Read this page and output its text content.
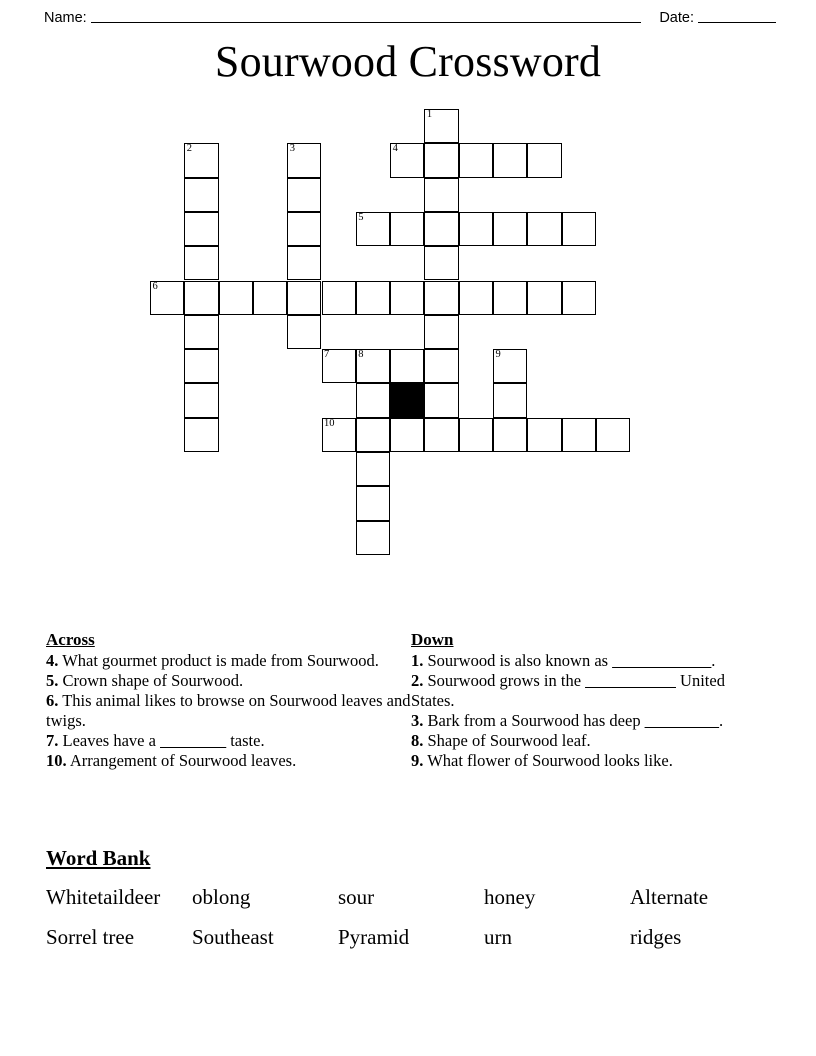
Name:	Date:
Sourwood Crossword
1
2	3	4
5
6
7	8	9
10
Across

4. What gourmet product is made from Sourwood.

5. Crown shape of Sourwood.

6. This animal likes to browse on Sourwood leaves and twigs.

7. Leaves have a ________ taste.

10. Arrangement of Sourwood leaves.

Down

1. Sourwood is also known as ____________.

2. Sourwood grows in the ___________ United States.

3. Bark from a Sourwood has deep _________.

8. Shape of Sourwood leaf.

9. What flower of Sourwood looks like.

Word Bank
Whitetaildeer	oblong	sour	honey	Alternate
Sorrel tree	Southeast	Pyramid	urn	ridges
